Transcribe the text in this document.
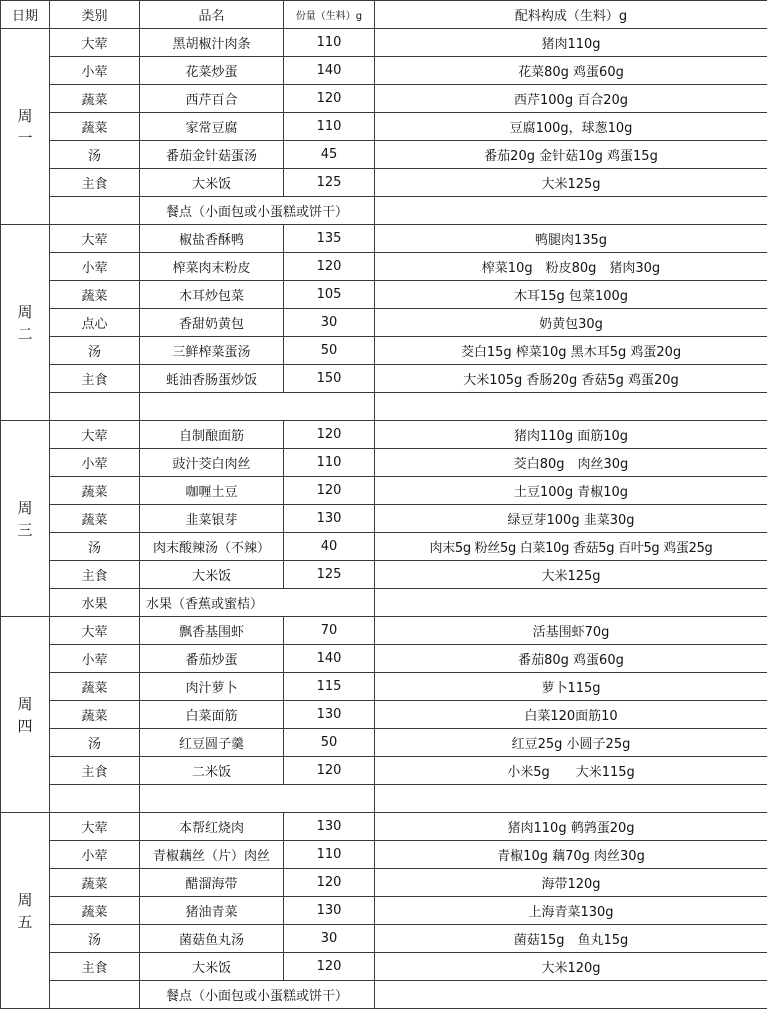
日期	类别	品名	份量（生料）g	配料构成（生料）g

周
一	大荤	黑胡椒汁肉条	110	猪肉110g
	小荤	花菜炒蛋	140	花菜80g 鸡蛋60g
	蔬菜	西芹百合	120	西芹100g 百合20g
	蔬菜	家常豆腐	110	豆腐100g，球葱10g
	汤	番茄金针菇蛋汤	45	番茄20g 金针菇10g 鸡蛋15g
	主食	大米饭	125	大米125g
		餐点（小面包或小蛋糕或饼干）		

周
二	大荤	椒盐香酥鸭	135	鸭腿肉135g
	小荤	榨菜肉末粉皮	120	榨菜10g　粉皮80g　猪肉30g
	蔬菜	木耳炒包菜	105	木耳15g 包菜100g
	点心	香甜奶黄包	30	奶黄包30g
	汤	三鲜榨菜蛋汤	50	茭白15g 榨菜10g 黑木耳5g 鸡蛋20g
	主食	蚝油香肠蛋炒饭	150	大米105g 香肠20g 香菇5g 鸡蛋20g

周
三	大荤	自制酿面筋	120	猪肉110g 面筋10g
	小荤	豉汁茭白肉丝	110	茭白80g　肉丝30g
	蔬菜	咖喱土豆	120	土豆100g 青椒10g
	蔬菜	韭菜银芽	130	绿豆芽100g 韭菜30g
	汤	肉末酸辣汤（不辣）	40	肉末5g 粉丝5g 白菜10g 香菇5g 百叶5g 鸡蛋25g
	主食	大米饭	125	大米125g
	水果	水果（香蕉或蜜桔）		

周
四	大荤	飘香基围虾	70	活基围虾70g
	小荤	番茄炒蛋	140	番茄80g 鸡蛋60g
	蔬菜	肉汁萝卜	115	萝卜115g
	蔬菜	白菜面筋	130	白菜120面筋10
	汤	红豆圆子羹	50	红豆25g 小圆子25g
	主食	二米饭	120	小米5g　　大米115g

周
五	大荤	本帮红烧肉	130	猪肉110g 鹌鹑蛋20g
	小荤	青椒藕丝（片）肉丝	110	青椒10g 藕70g 肉丝30g
	蔬菜	醋溜海带	120	海带120g
	蔬菜	猪油青菜	130	上海青菜130g
	汤	菌菇鱼丸汤	30	菌菇15g　鱼丸15g
	主食	大米饭	120	大米120g
		餐点（小面包或小蛋糕或饼干）		
